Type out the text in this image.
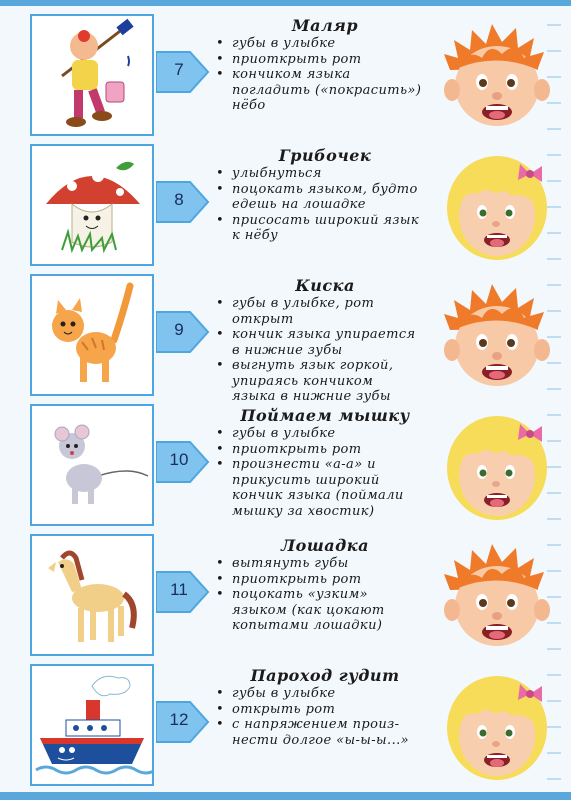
7
Маляр
• губы в улыбке
• приоткрыть рот
• кончиком языка
погладить («покрасить»)
нёбо
8
Грибочек
• улыбнуться
• поцокать языком, будто
едешь на лошадке
• присосать широкий язык
к нёбу
9
Киска
• губы в улыбке, рот
открыт
• кончик языка упирается
в нижние зубы
• выгнуть язык горкой,
упираясь кончиком
языка в нижние зубы
10
Поймаем мышку
• губы в улыбке
• приоткрыть рот
• произнести «а-а» и
прикусить широкий
кончик языка (поймали
мышку за хвостик)
11
Лошадка
• вытянуть губы
• приоткрыть рот
• поцокать «узким»
языком (как цокают
копытами лошадки)
12
Пароход гудит
• губы в улыбке
• открыть рот
• с напряжением произ-
нести долгое «ы-ы-ы...»
